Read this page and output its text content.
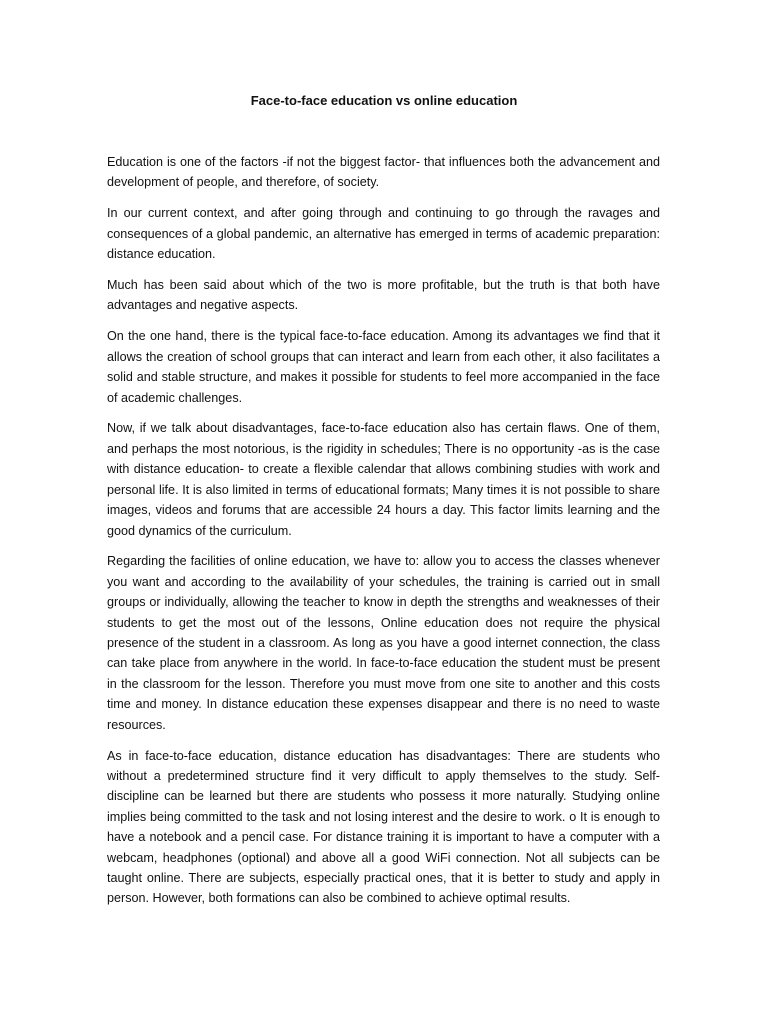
Face-to-face education vs online education

Education is one of the factors -if not the biggest factor- that influences both the advancement and development of people, and therefore, of society.

In our current context, and after going through and continuing to go through the ravages and consequences of a global pandemic, an alternative has emerged in terms of academic preparation: distance education.

Much has been said about which of the two is more profitable, but the truth is that both have advantages and negative aspects.

On the one hand, there is the typical face-to-face education. Among its advantages we find that it allows the creation of school groups that can interact and learn from each other, it also facilitates a solid and stable structure, and makes it possible for students to feel more accompanied in the face of academic challenges.

Now, if we talk about disadvantages, face-to-face education also has certain flaws. One of them, and perhaps the most notorious, is the rigidity in schedules; There is no opportunity -as is the case with distance education- to create a flexible calendar that allows combining studies with work and personal life. It is also limited in terms of educational formats; Many times it is not possible to share images, videos and forums that are accessible 24 hours a day. This factor limits learning and the good dynamics of the curriculum.

Regarding the facilities of online education, we have to: allow you to access the classes whenever you want and according to the availability of your schedules, the training is carried out in small groups or individually, allowing the teacher to know in depth the strengths and weaknesses of their students to get the most out of the lessons, Online education does not require the physical presence of the student in a classroom. As long as you have a good internet connection, the class can take place from anywhere in the world. In face-to-face education the student must be present in the classroom for the lesson. Therefore you must move from one site to another and this costs time and money. In distance education these expenses disappear and there is no need to waste resources.

As in face-to-face education, distance education has disadvantages: There are students who without a predetermined structure find it very difficult to apply themselves to the study. Self-discipline can be learned but there are students who possess it more naturally. Studying online implies being committed to the task and not losing interest and the desire to work. o It is enough to have a notebook and a pencil case. For distance training it is important to have a computer with a webcam, headphones (optional) and above all a good WiFi connection. Not all subjects can be taught online. There are subjects, especially practical ones, that it is better to study and apply in person. However, both formations can also be combined to achieve optimal results.
